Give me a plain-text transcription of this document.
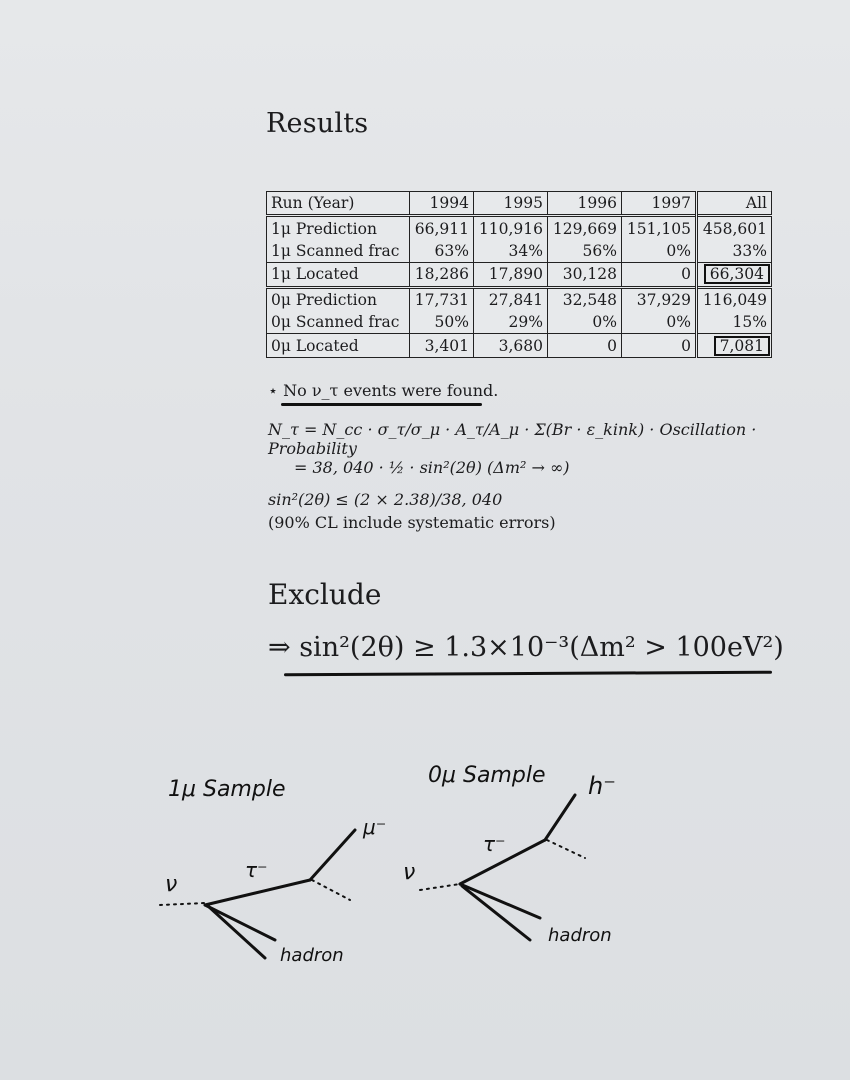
Results
Run (Year)	1994	1995	1996	1997	All
1μ Prediction	66,911	110,916	129,669	151,105	458,601
1μ Scanned frac	63%	34%	56%	0%	33%
1μ Located	18,286	17,890	30,128	0	66,304
0μ Prediction	17,731	27,841	32,548	37,929	116,049
0μ Scanned frac	50%	29%	0%	0%	15%
0μ Located	3,401	3,680	0	0	7,081
⋆ No ν_τ events were found.
N_τ = N_cc · σ_τ/σ_μ · A_τ/A_μ · Σ(Br · ε_kink) · Oscillation · Probability
= 38, 040 · ½ · sin²(2θ) (Δm² → ∞)
sin²(2θ) ≤ (2 × 2.38)/38, 040
(90% CL include systematic errors)
Exclude
⇒ sin²(2θ) ≥ 1.3×10⁻³(Δm² > 100eV²)
1μ Sample
ν
τ⁻
μ⁻
hadron
0μ Sample
ν
τ⁻
h⁻
hadron
